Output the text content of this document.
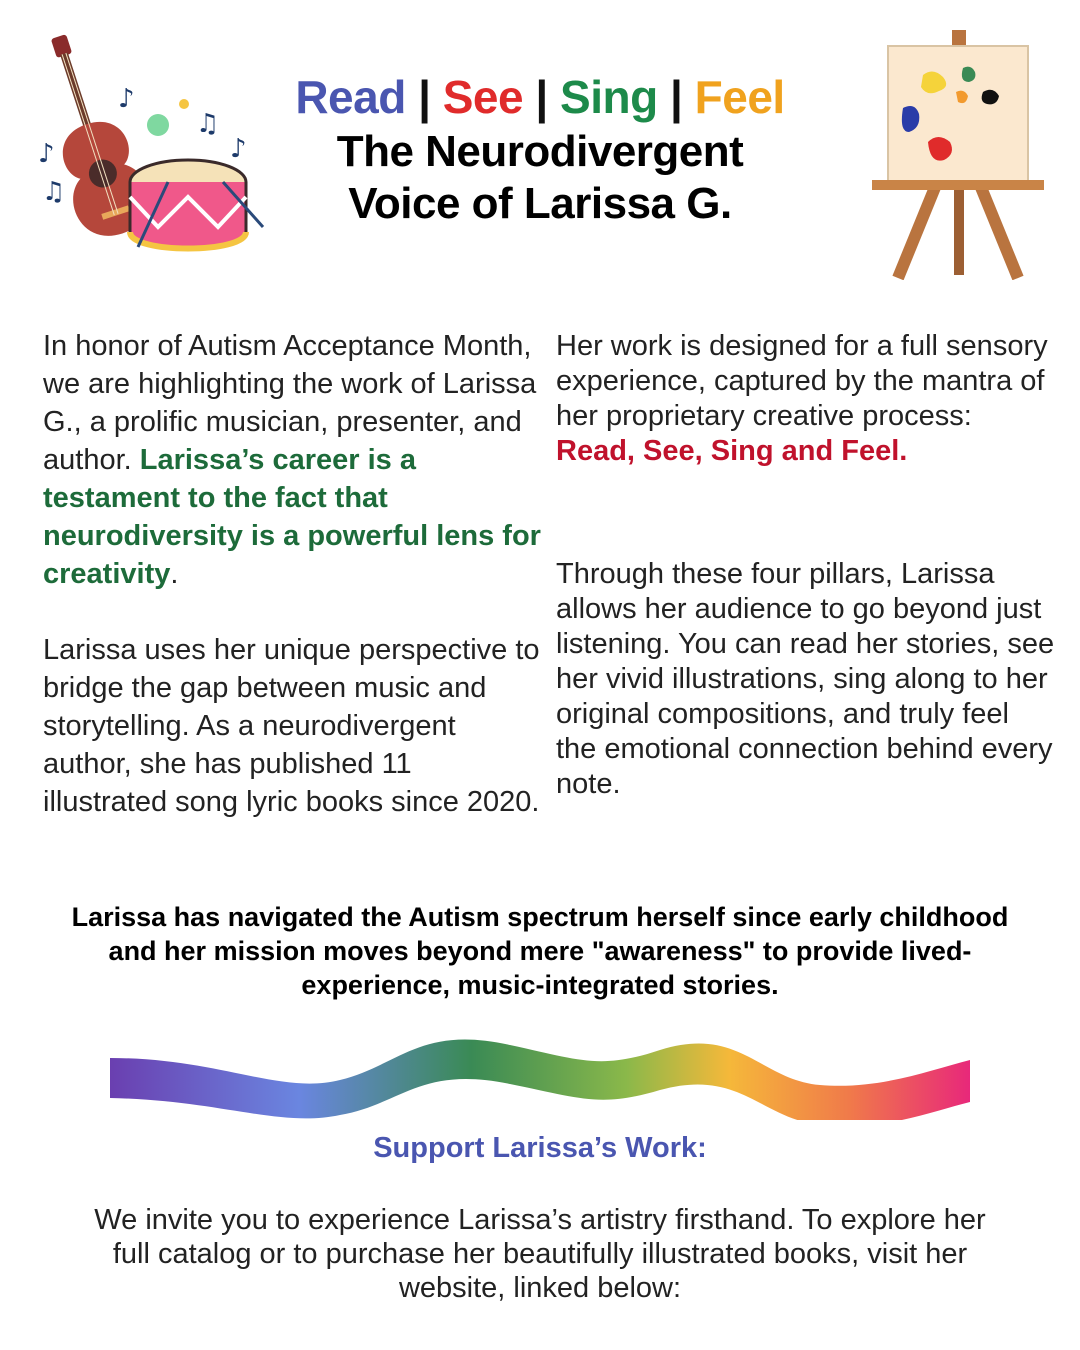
♪
♫
♪
♫
♪
Read | See | Sing | Feel
The Neurodivergent
Voice of Larissa G.

In honor of Autism Acceptance Month, we are highlighting the work of Larissa G., a prolific musician, presenter, and author. Larissa’s career is a testament to the fact that neurodiversity is a powerful lens for creativity.

Larissa uses her unique perspective to bridge the gap between music and storytelling. As a neurodivergent author, she has published 11 illustrated song lyric books since 2020.

Her work is designed for a full sensory experience, captured by the mantra of her proprietary creative process: Read, See, Sing and Feel.

Through these four pillars, Larissa allows her audience to go beyond just listening. You can read her stories, see her vivid illustrations, sing along to her original compositions, and truly feel the emotional connection behind every note.

Larissa has navigated the Autism spectrum herself since early childhood and her mission moves beyond mere "awareness" to provide lived-experience, music-integrated stories.
Support Larissa’s Work:
We invite you to experience Larissa’s artistry firsthand. To explore her full catalog or to purchase her beautifully illustrated books, visit her website, linked below:
